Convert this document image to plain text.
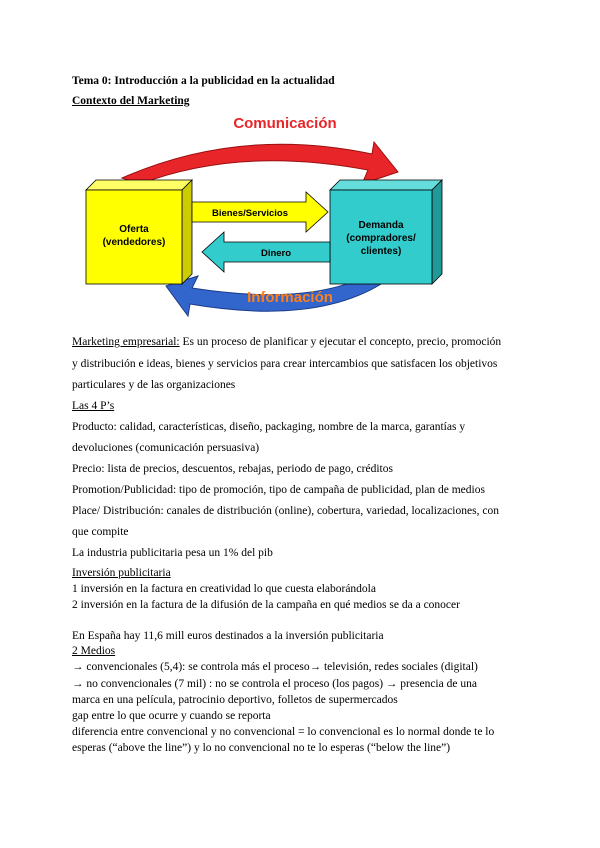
Tema 0: Introducción a la publicidad en la actualidad
Contexto del Marketing
Comunicación
Información
Oferta
(vendedores)
Demanda
(compradores/
clientes)
Bienes/Servicios
Dinero
Marketing empresarial: Es un proceso de planificar y ejecutar el concepto, precio, promoción
y distribución e ideas, bienes y servicios para crear intercambios que satisfacen los objetivos
particulares y de las organizaciones
Las 4 P’s
Producto: calidad, características, diseño, packaging, nombre de la marca, garantías y
devoluciones (comunicación persuasiva)
Precio: lista de precios, descuentos, rebajas, periodo de pago, créditos
Promotion/Publicidad: tipo de promoción, tipo de campaña de publicidad, plan de medios
Place/ Distribución: canales de distribución (online), cobertura, variedad, localizaciones, con
que compite
La industria publicitaria pesa un 1% del pib
Inversión publicitaria
1 inversión en la factura en creatividad lo que cuesta elaborándola
2 inversión en la factura de la difusión de la campaña en qué medios se da a conocer
En España hay 11,6 mill euros destinados a la inversión publicitaria
2 Medios
→ convencionales (5,4): se controla más el proceso→ televisión, redes sociales (digital)
→ no convencionales (7 mil) : no se controla el proceso (los pagos) → presencia de una
marca en una película, patrocinio deportivo, folletos de supermercados
gap entre lo que ocurre y cuando se reporta
diferencia entre convencional y no convencional = lo convencional es lo normal donde te lo
esperas (“above the line”) y lo no convencional no te lo esperas (“below the line”)
